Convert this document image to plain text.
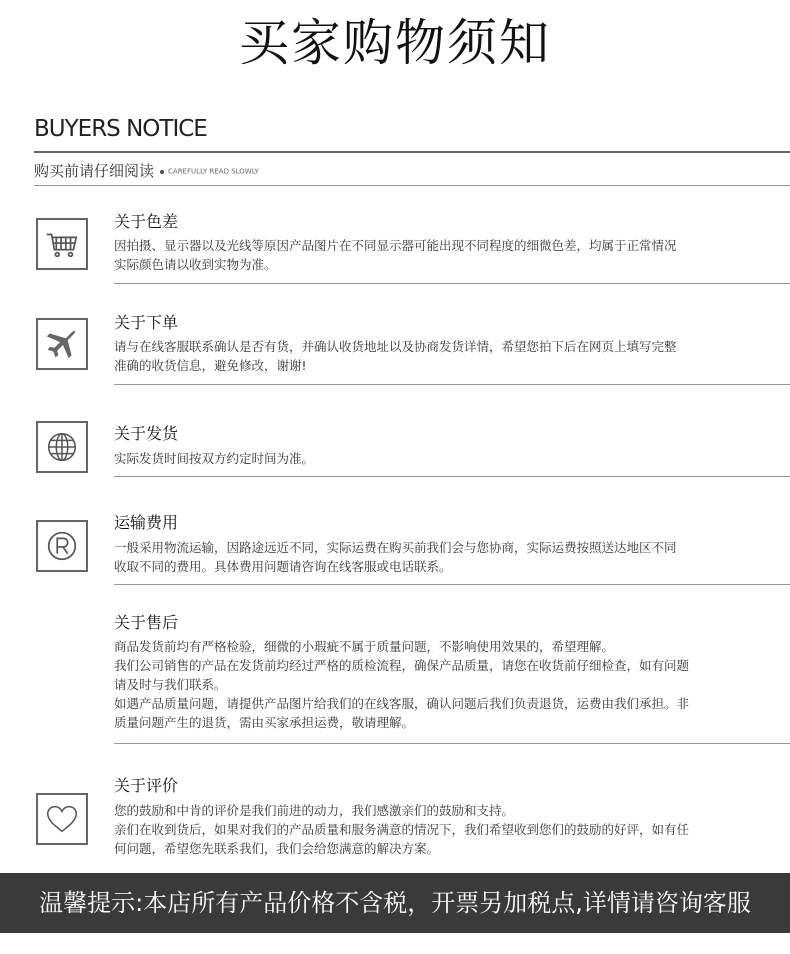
买家购物须知
BUYERS NOTICE
购买前请仔细阅读 CAREFULLY READ SLOWLY
关于色差

因拍摄、显示器以及光线等原因产品图片在不同显示器可能出现不同程度的细微色差，均属于正常情况

实际颜色请以收到实物为准。

关于下单

请与在线客服联系确认是否有货，并确认收货地址以及协商发货详情，希望您拍下后在网页上填写完整

准确的收货信息，避免修改，谢谢!

关于发货

实际发货时间按双方约定时间为准。

运输费用

一般采用物流运输，因路途远近不同，实际运费在购买前我们会与您协商，实际运费按照送达地区不同

收取不同的费用。具体费用问题请咨询在线客服或电话联系。

关于售后

商品发货前均有严格检验，细微的小瑕疵不属于质量问题，不影响使用效果的，希望理解。

我们公司销售的产品在发货前均经过严格的质检流程，确保产品质量，请您在收货前仔细检查，如有问题

请及时与我们联系。

如遇产品质量问题，请提供产品图片给我们的在线客服，确认问题后我们负责退货，运费由我们承担。非

质量问题产生的退货，需由买家承担运费，敬请理解。

关于评价

您的鼓励和中肯的评价是我们前进的动力，我们感激亲们的鼓励和支持。

亲们在收到货后，如果对我们的产品质量和服务满意的情况下，我们希望收到您们的鼓励的好评，如有任

何问题，希望您先联系我们，我们会给您满意的解决方案。

温馨提示:本店所有产品价格不含税，开票另加税点,详情请咨询客服
